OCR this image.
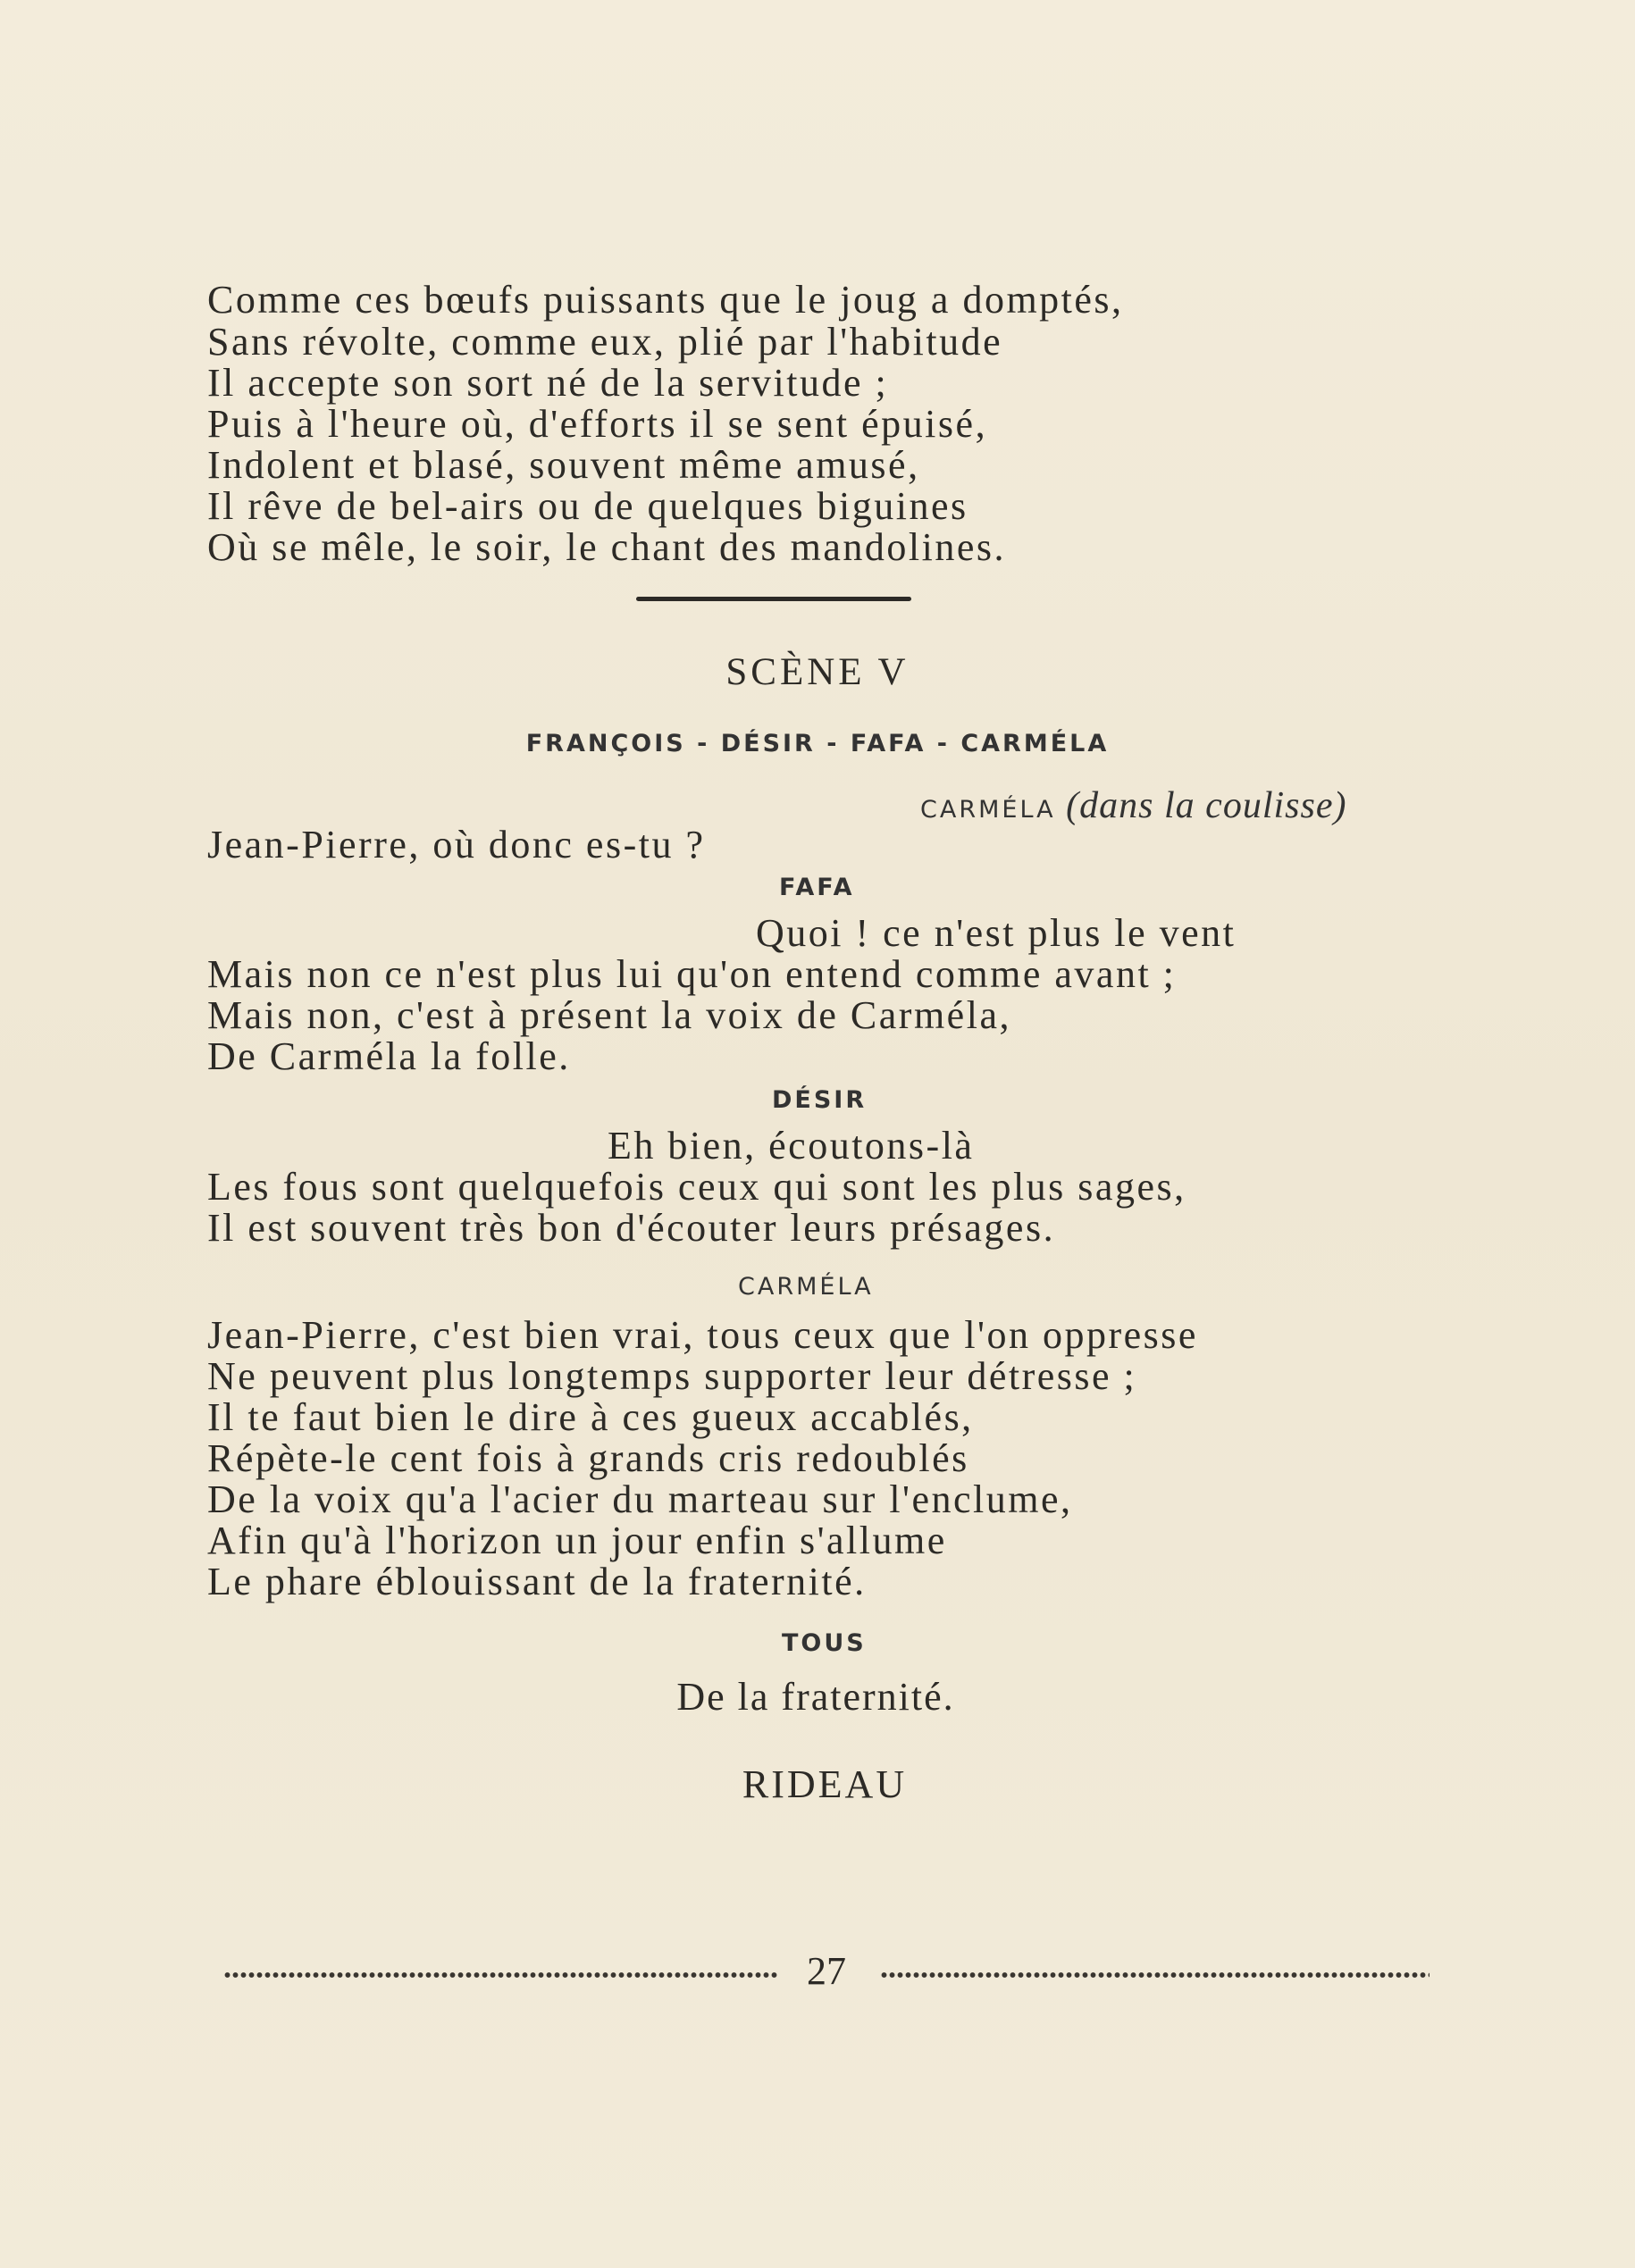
Comme ces bœufs puissants que le joug a domptés,
Sans révolte, comme eux, plié par l'habitude
Il accepte son sort né de la servitude ;
Puis à l'heure où, d'efforts il se sent épuisé,
Indolent et blasé, souvent même amusé,
Il rêve de bel-airs ou de quelques biguines
Où se mêle, le soir, le chant des mandolines.
SCÈNE V
FRANÇOIS - DÉSIR - FAFA - CARMÉLA
CARMÉLA (dans la coulisse)
Jean-Pierre, où donc es-tu ?
FAFA
Quoi ! ce n'est plus le vent
Mais non ce n'est plus lui qu'on entend comme avant ;
Mais non, c'est à présent la voix de Carméla,
De Carméla la folle.
DÉSIR
Eh bien, écoutons-là
Les fous sont quelquefois ceux qui sont les plus sages,
Il est souvent très bon d'écouter leurs présages.
CARMÉLA
Jean-Pierre, c'est bien vrai, tous ceux que l'on oppresse
Ne peuvent plus longtemps supporter leur détresse ;
Il te faut bien le dire à ces gueux accablés,
Répète-le cent fois à grands cris redoublés
De la voix qu'a l'acier du marteau sur l'enclume,
Afin qu'à l'horizon un jour enfin s'allume
Le phare éblouissant de la fraternité.
TOUS
De la fraternité.
RIDEAU
27
